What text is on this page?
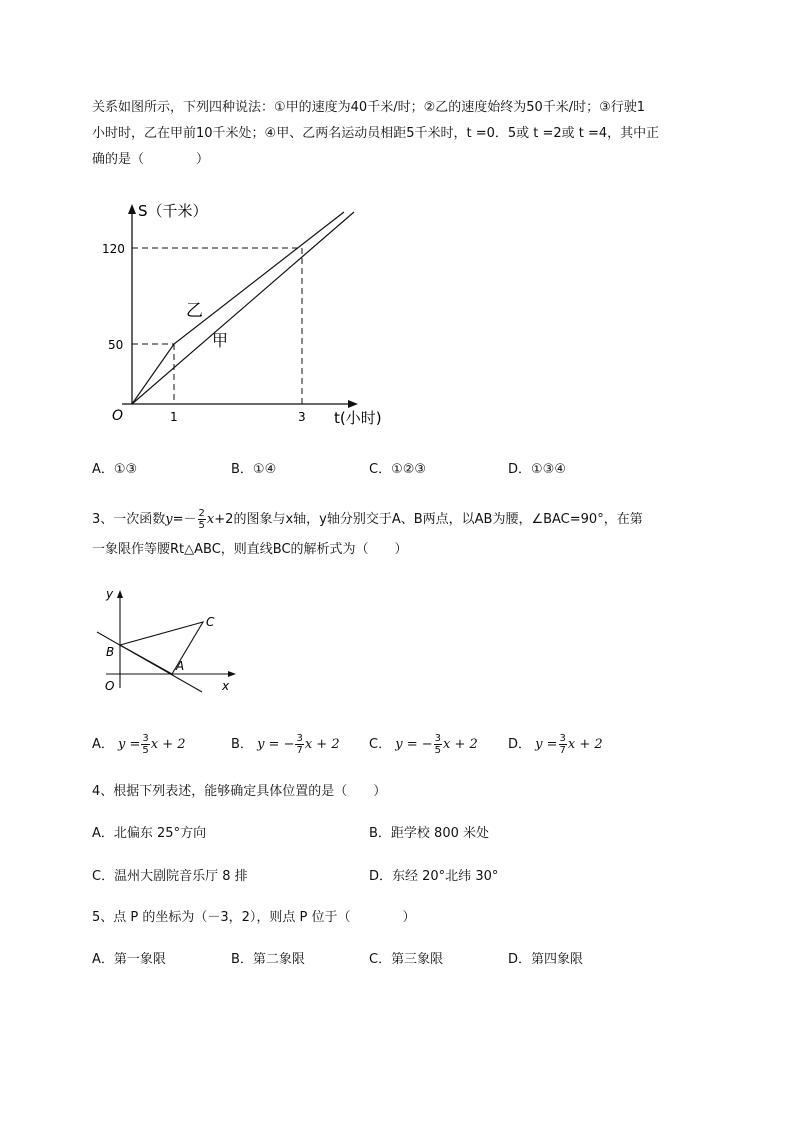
关系如图所示，下列四种说法：①甲的速度为40千米/时；②乙的速度始终为50千米/时；③行驶1
小时时，乙在甲前10千米处；④甲、乙两名运动员相距5千米时，t =0．5或 t =2或 t =4，其中正
确的是（　　　　）
S（千米）
t(小时)
O
120
50
1	3
乙
甲
A．①③	B．①④	C．①②③	D．①③④
3、一次函数$y=- \frac{2}{5} x+2$的图象与x轴，y轴分别交于A、B两点，以AB为腰，∠BAC=90°，在第
一象限作等腰Rt△ABC，则直线BC的解析式为（　　）
y
x
O
B
A
C
A． $y = \frac{3}{5}$ x + 2	B． y = − $\frac{3}{7}$ x + 2 C． y = − $\frac{3}{5}$ x + 2 D． $y = \frac{3}{7}$ x + 2
4、根据下列表述，能够确定具体位置的是（　　）
A．北偏东 25°方向	B．距学校 800 米处
C．温州大剧院音乐厅 8 排	D．东经 20°北纬 30°
5、点 P 的坐标为（－3，2），则点 P 位于（　　　　）
A．第一象限	B．第二象限	C．第三象限	D．第四象限
